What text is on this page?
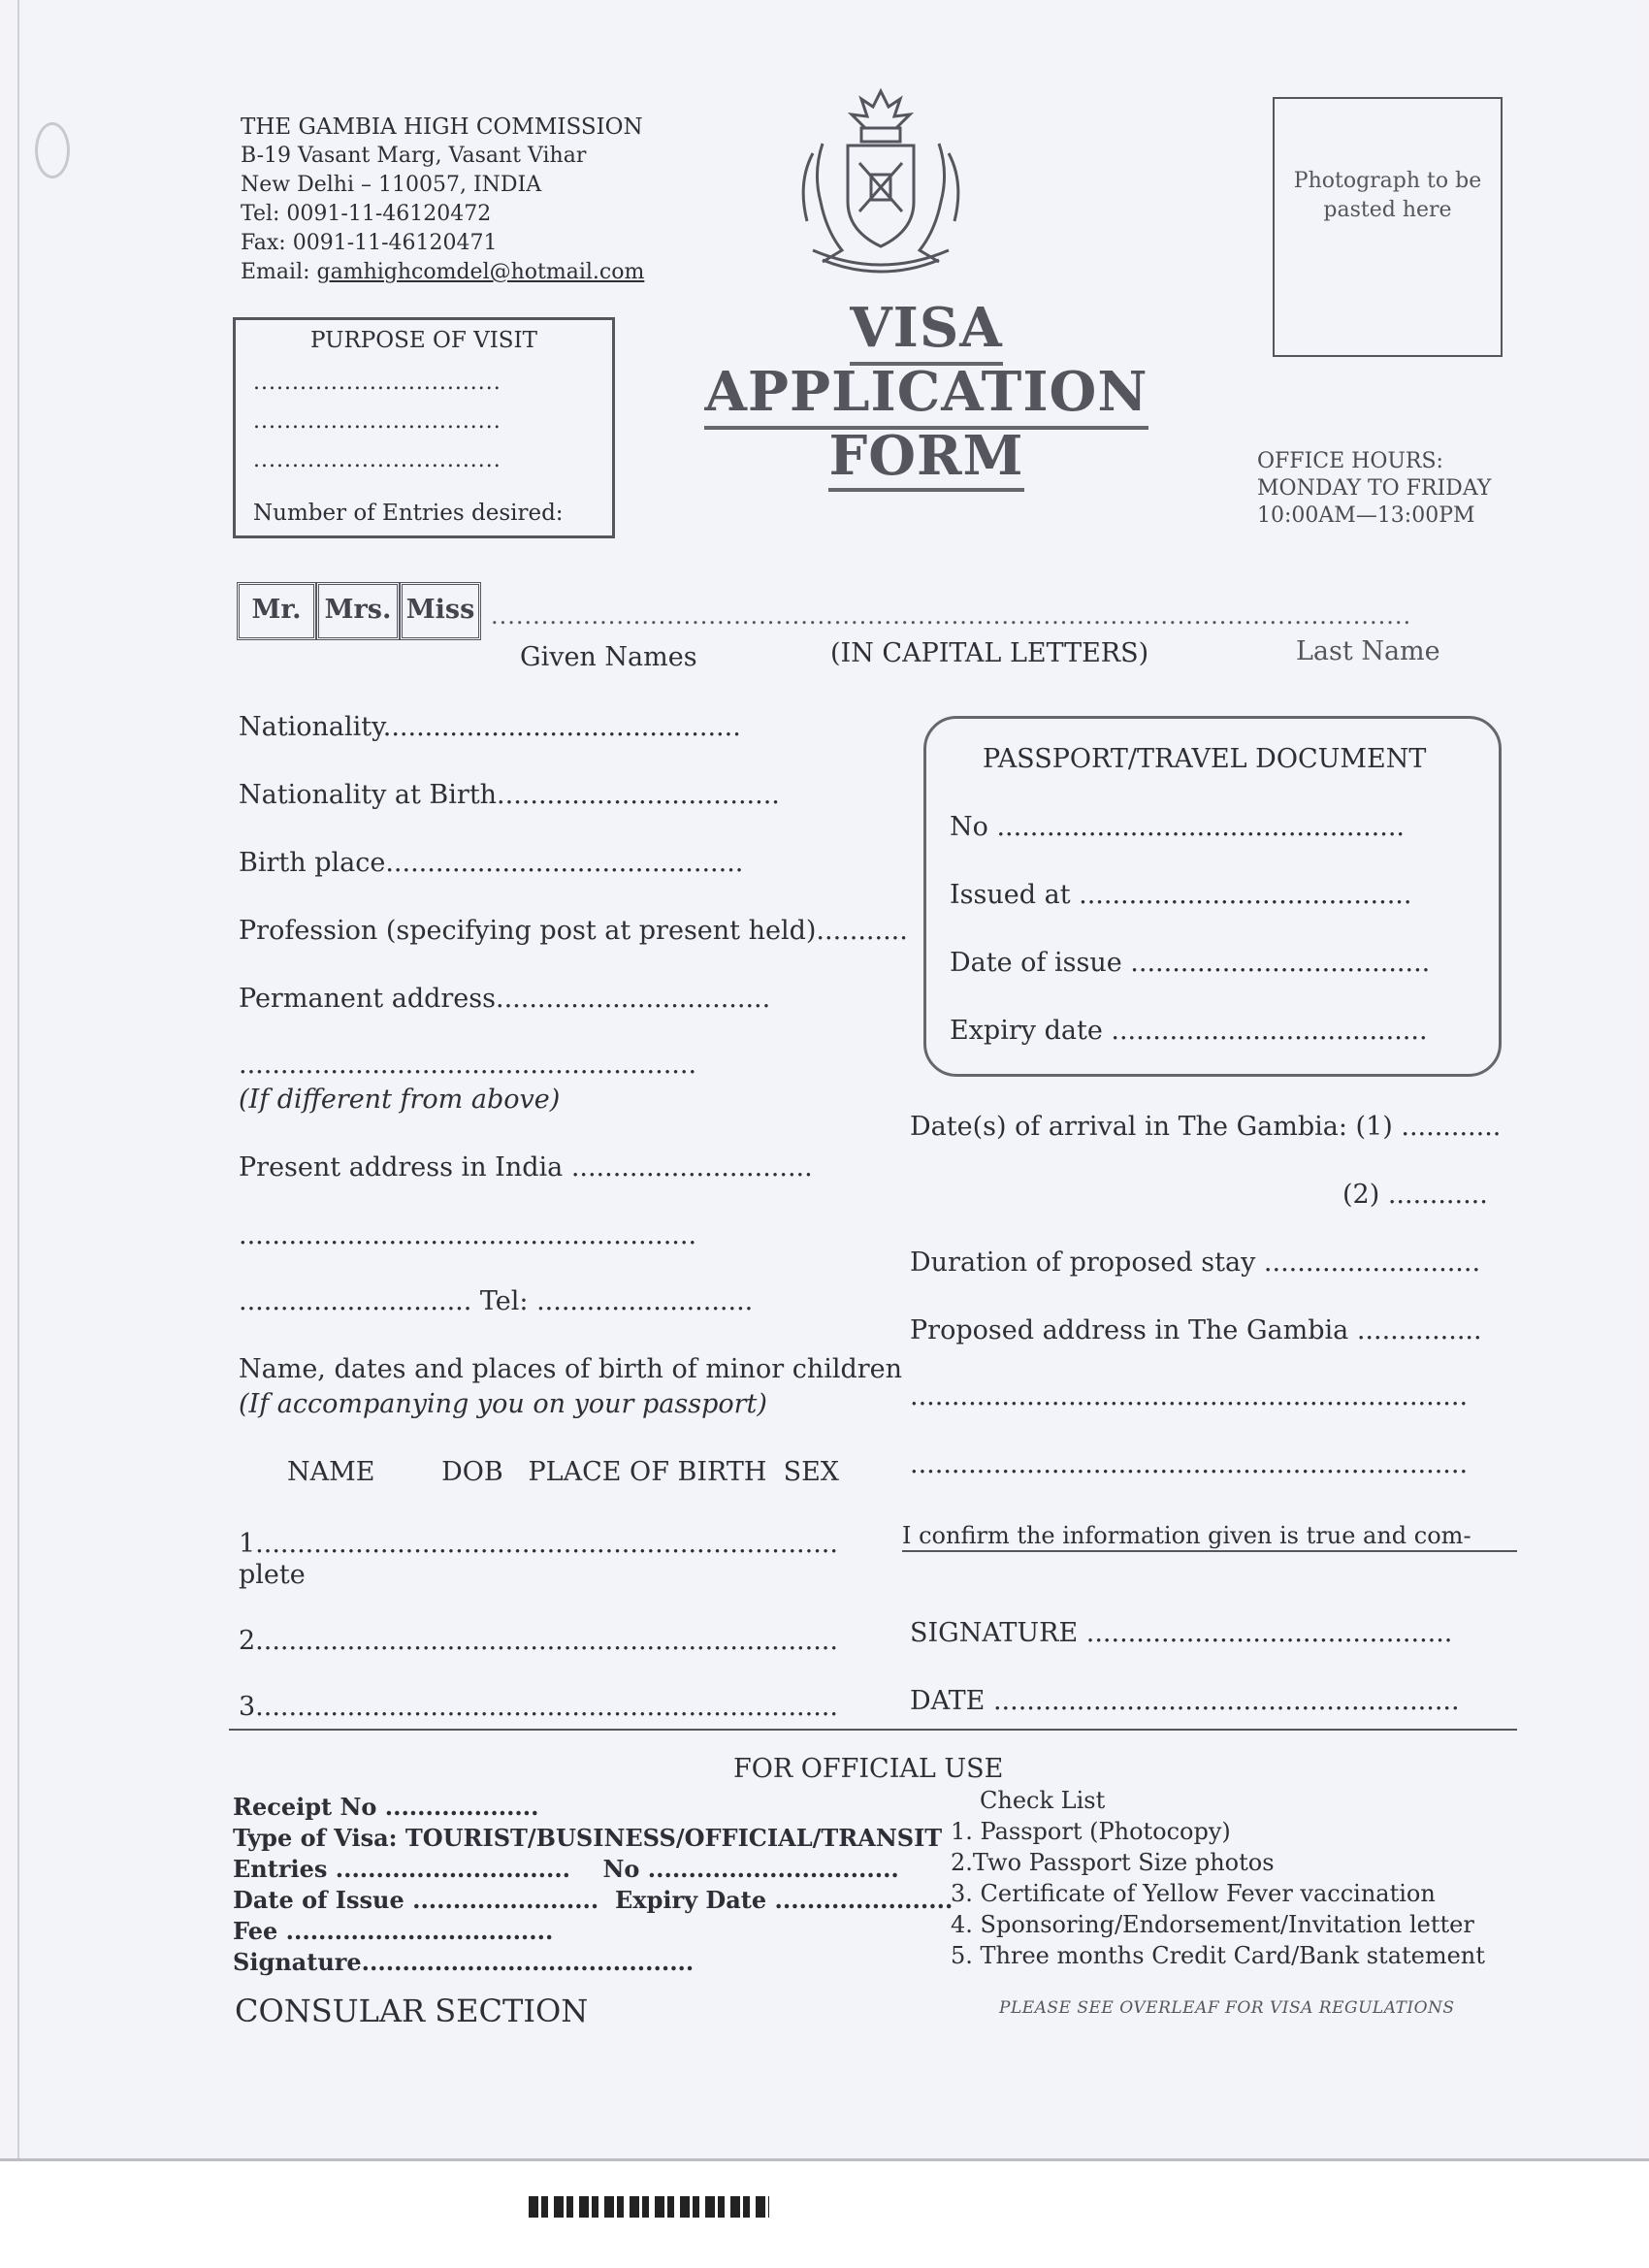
THE GAMBIA HIGH COMMISSION
B-19 Vasant Marg, Vasant Vihar
New Delhi – 110057, INDIA
Tel: 0091-11-46120472
Fax: 0091-11-46120471
Email: gamhighcomdel@hotmail.com
VISA APPLICATION
FORM
Photograph to be
pasted here
OFFICE HOURS:
MONDAY TO FRIDAY
10:00AM—13:00PM
PURPOSE OF VISIT
................................
................................
................................
Number of Entries desired:
Mr. Mrs. Miss ..............................................................................................................
Given Names	(IN CAPITAL LETTERS)	Last Name
Nationality...........................................
Nationality at Birth..................................
Birth place...........................................
Profession (specifying post at present held)...........
Permanent address.................................
.......................................................
(If different from above)
Present address in India .............................
.......................................................
............................ Tel: ..........................
Name, dates and places of birth of minor children
(If accompanying you on your passport)
NAME        DOB   PLACE OF BIRTH  SEX
1......................................................................
plete
2......................................................................
3......................................................................
PASSPORT/TRAVEL DOCUMENT
No .................................................
Issued at ........................................
Date of issue ....................................
Expiry date ......................................
Date(s) of arrival in The Gambia: (1) ............
(2) ............
Duration of proposed stay ..........................
Proposed address in The Gambia ...............
...................................................................
...................................................................
I confirm the information given is true and com-
SIGNATURE ............................................
DATE ........................................................
FOR OFFICIAL USE
Receipt No ...................
Type of Visa: TOURIST/BUSINESS/OFFICIAL/TRANSIT
Entries .............................    No ...............................
Date of Issue .......................  Expiry Date ......................
Fee .................................
Signature.........................................
CONSULAR SECTION
Check List
1. Passport (Photocopy)
2.Two Passport Size photos
3. Certificate of Yellow Fever vaccination
4. Sponsoring/Endorsement/Invitation letter
5. Three months Credit Card/Bank statement
PLEASE SEE OVERLEAF FOR VISA REGULATIONS
